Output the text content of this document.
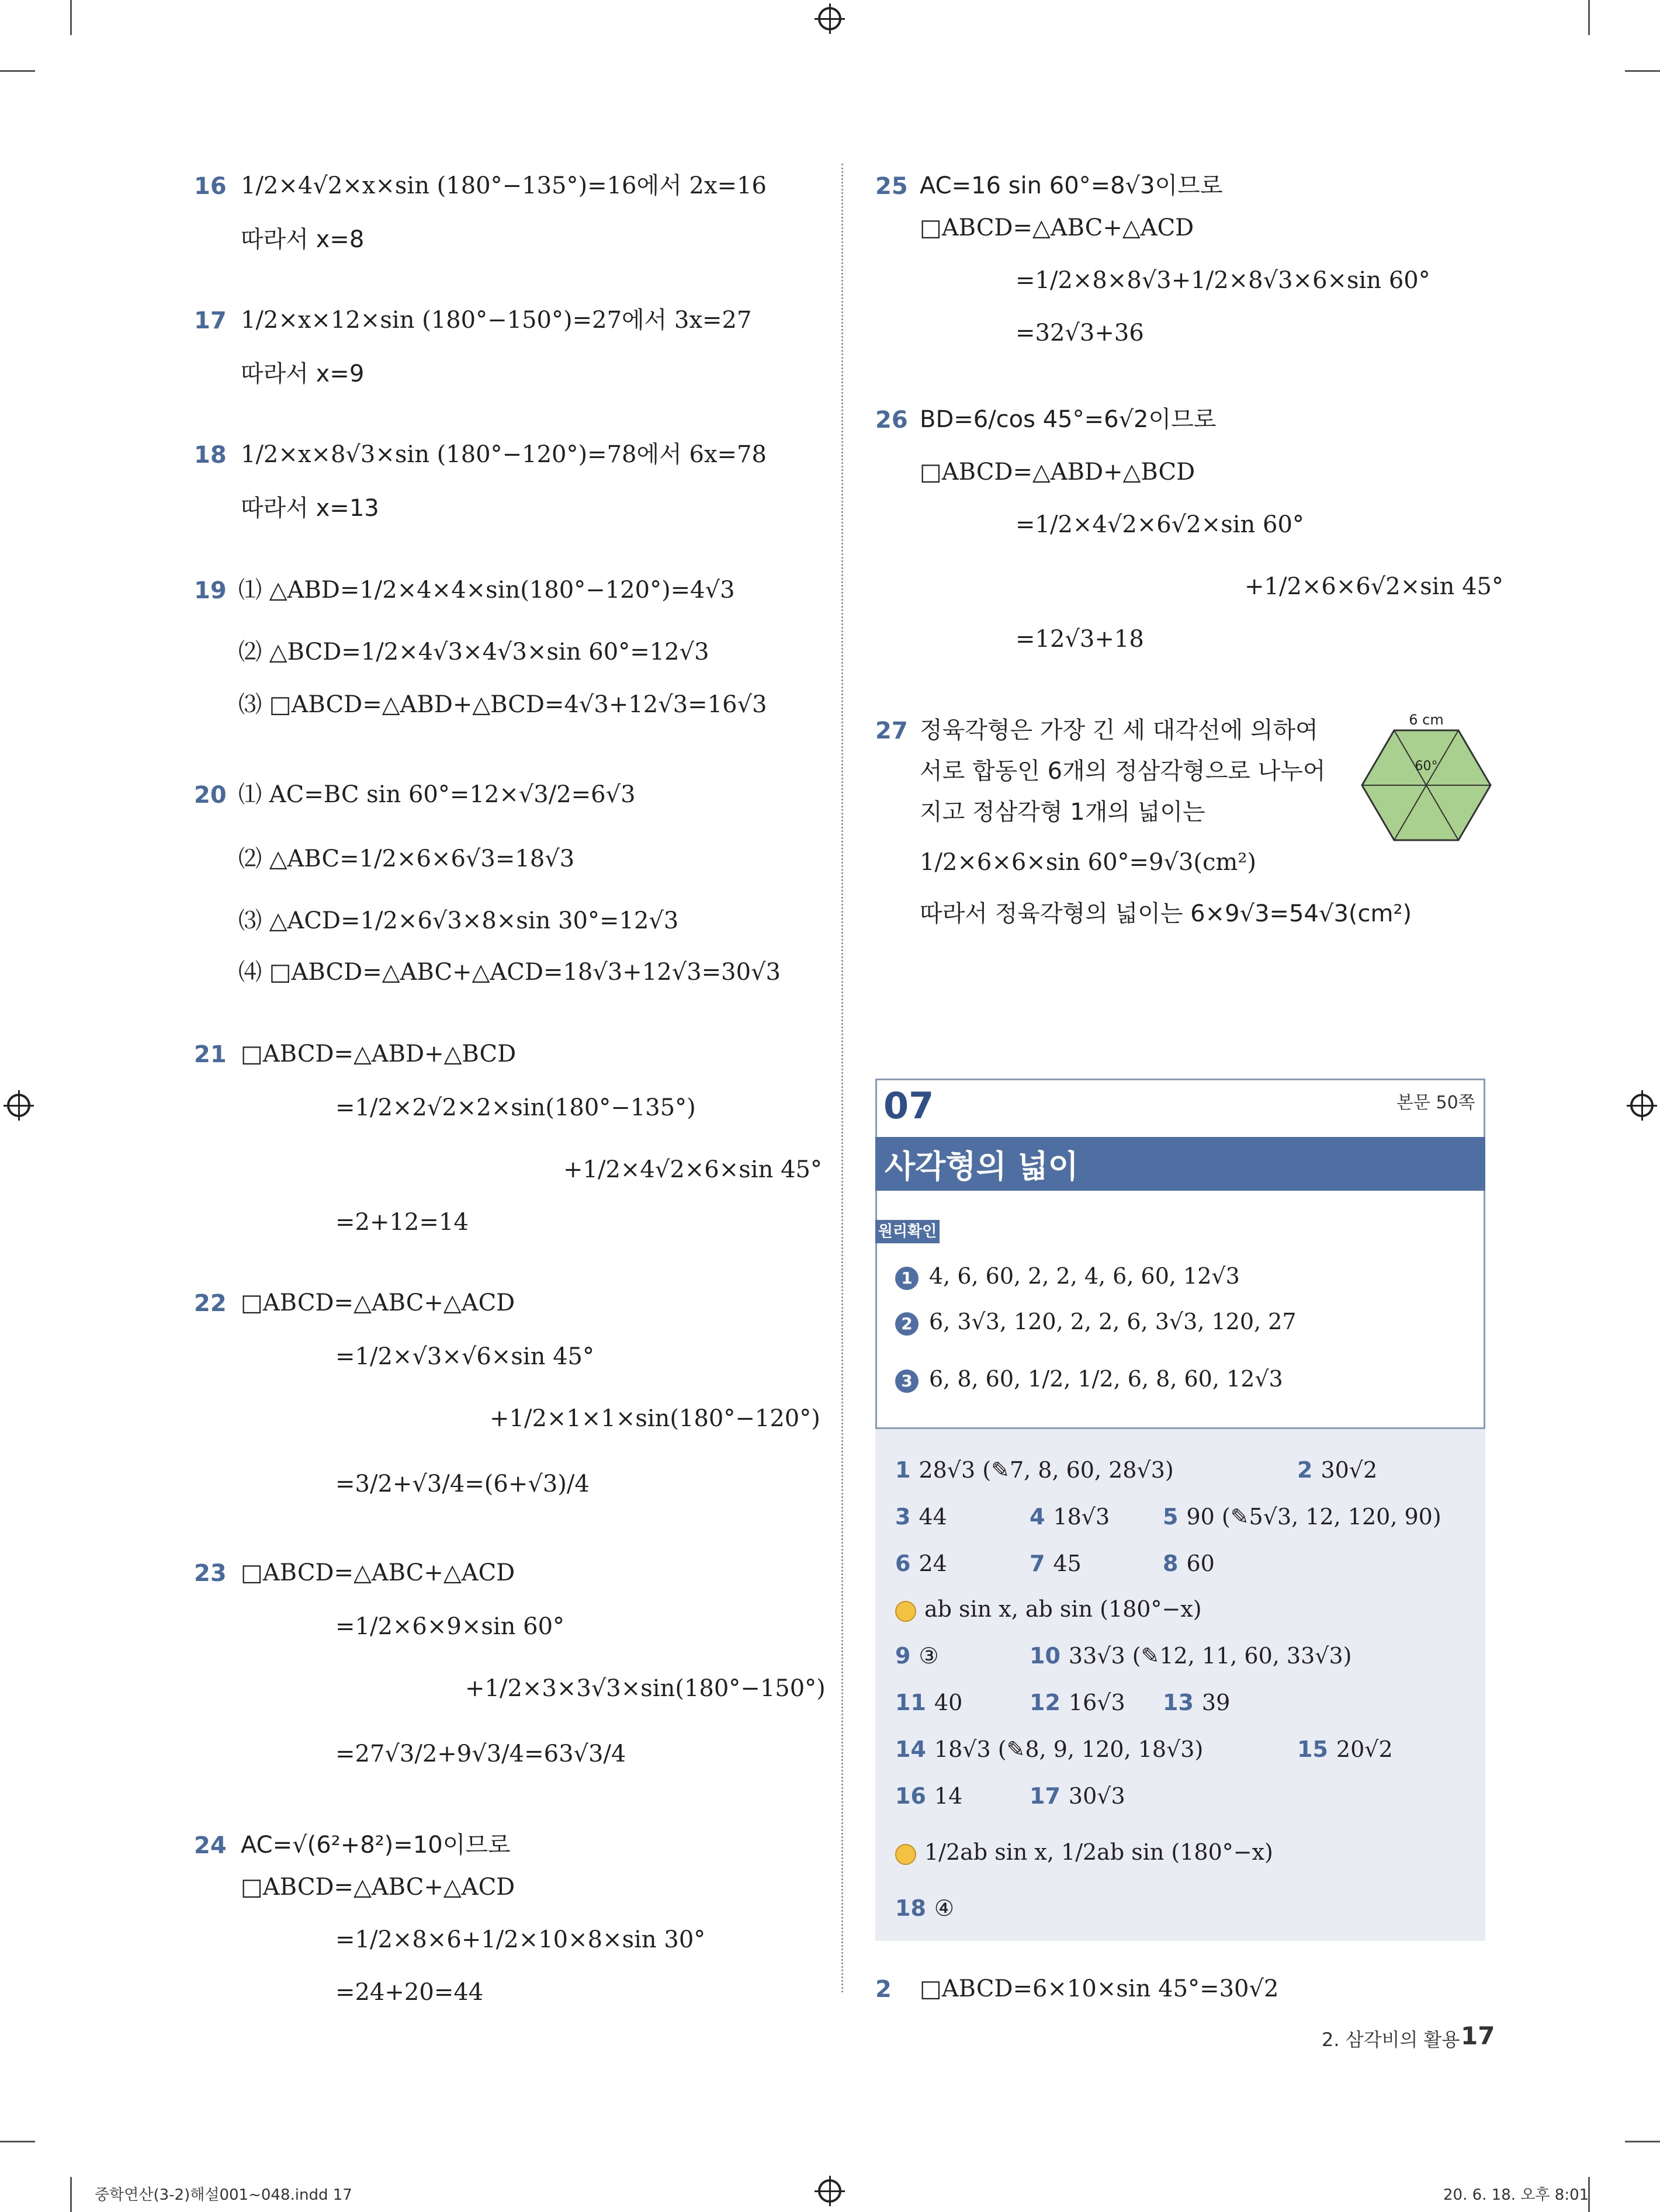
16 1/2×4√2×x×sin (180°−135°)=16에서 2x=16
따라서 x=8
17 1/2×x×12×sin (180°−150°)=27에서 3x=27
따라서 x=9
18 1/2×x×8√3×sin (180°−120°)=78에서 6x=78
따라서 x=13
19 ⑴ △ABD=1/2×4×4×sin(180°−120°)=4√3
⑵ △BCD=1/2×4√3×4√3×sin 60°=12√3
⑶ □ABCD=△ABD+△BCD=4√3+12√3=16√3
20 ⑴ AC=BC sin 60°=12×√3/2=6√3
⑵ △ABC=1/2×6×6√3=18√3
⑶ △ACD=1/2×6√3×8×sin 30°=12√3
⑷ □ABCD=△ABC+△ACD=18√3+12√3=30√3
21 □ABCD=△ABD+△BCD
=1/2×2√2×2×sin(180°−135°)
+1/2×4√2×6×sin 45°
=2+12=14
22 □ABCD=△ABC+△ACD
=1/2×√3×√6×sin 45°
+1/2×1×1×sin(180°−120°)
=3/2+√3/4=(6+√3)/4
23 □ABCD=△ABC+△ACD
=1/2×6×9×sin 60°
+1/2×3×3√3×sin(180°−150°)
=27√3/2+9√3/4=63√3/4
24 AC=√(6²+8²)=10이므로
□ABCD=△ABC+△ACD
=1/2×8×6+1/2×10×8×sin 30°
=24+20=44
25 AC=16 sin 60°=8√3이므로
□ABCD=△ABC+△ACD
=1/2×8×8√3+1/2×8√3×6×sin 60°
=32√3+36
26 BD=6/cos 45°=6√2이므로
□ABCD=△ABD+△BCD
=1/2×4√2×6√2×sin 60°
+1/2×6×6√2×sin 45°
=12√3+18
27 정육각형은 가장 긴 세 대각선에 의하여
서로 합동인 6개의 정삼각형으로 나누어
지고 정삼각형 1개의 넓이는
1/2×6×6×sin 60°=9√3(cm²)
따라서 정육각형의 넓이는 6×9√3=54√3(cm²)
6 cm
60°
07	본문 50쪽
사각형의 넓이
원리확인
1 4, 6, 60, 2, 2, 4, 6, 60, 12√3
2 6, 3√3, 120, 2, 2, 6, 3√3, 120, 27
3 6, 8, 60, 1/2, 1/2, 6, 8, 60, 12√3
1 28√3 (✎7, 8, 60, 28√3)	2 30√2
3 44	4 18√3 5 90 (✎5√3, 12, 120, 90)
6 24	7 45	8 60
ab sin x, ab sin (180°−x)
9 ③	10 33√3 (✎12, 11, 60, 33√3)
11 40	12 16√3 13 39
14 18√3 (✎8, 9, 120, 18√3)	15 20√2
16 14	17 30√3
1/2ab sin x, 1/2ab sin (180°−x)
18 ④
2 □ABCD=6×10×sin 45°=30√2
2. 삼각비의 활용 17
중학연산(3-2)해설001~048.indd 17	20. 6. 18. 오후 8:01
